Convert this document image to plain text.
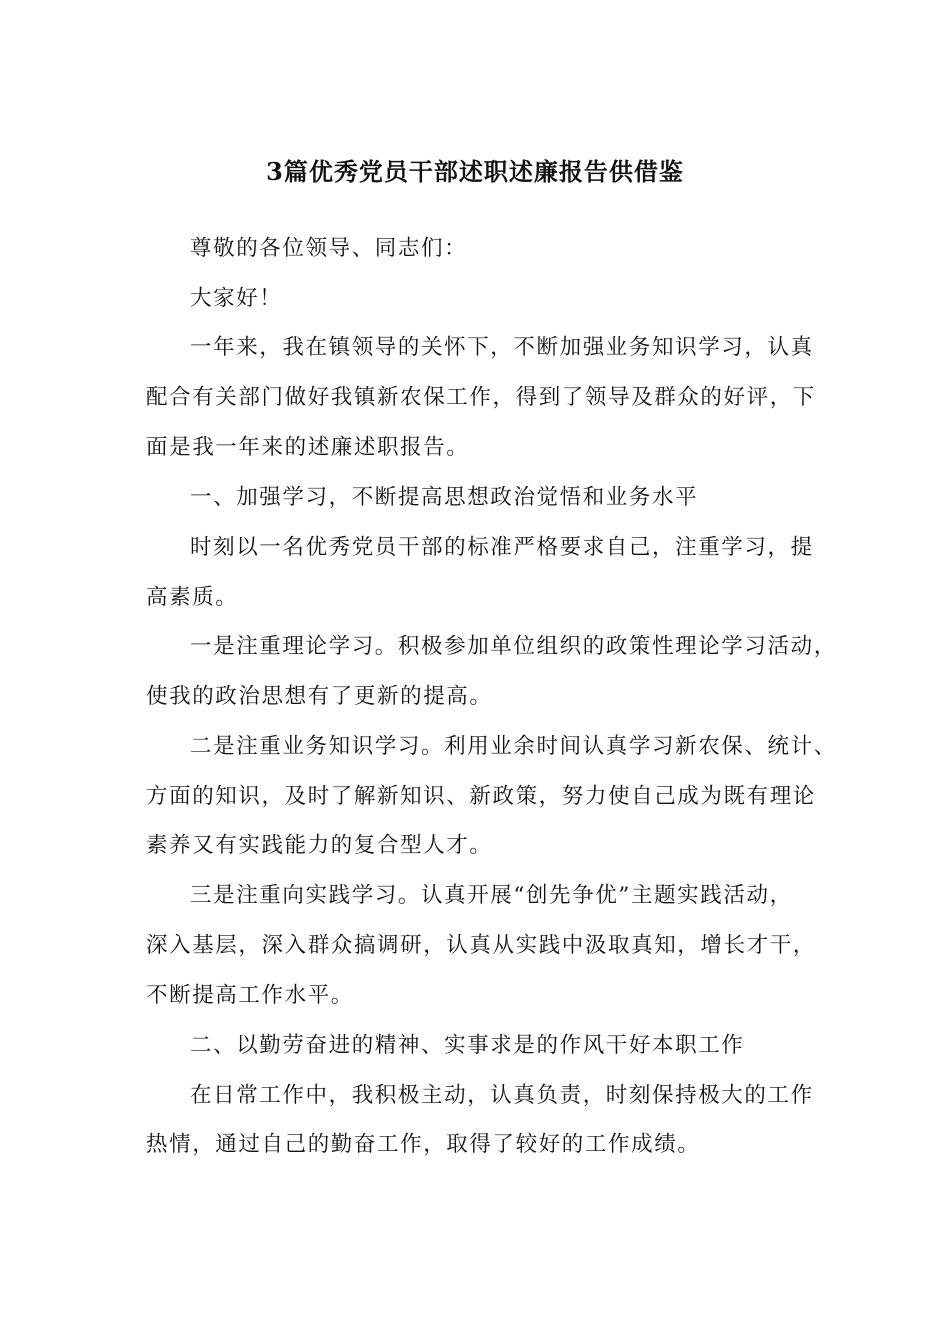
3篇优秀党员干部述职述廉报告供借鉴
尊敬的各位领导、同志们：
大家好！
一年来，我在镇领导的关怀下，不断加强业务知识学习，认真
配合有关部门做好我镇新农保工作，得到了领导及群众的好评，下
面是我一年来的述廉述职报告。
一、加强学习，不断提高思想政治觉悟和业务水平
时刻以一名优秀党员干部的标准严格要求自己，注重学习，提
高素质。
一是注重理论学习。积极参加单位组织的政策性理论学习活动，
使我的政治思想有了更新的提高。
二是注重业务知识学习。利用业余时间认真学习新农保、统计、
方面的知识，及时了解新知识、新政策，努力使自己成为既有理论
素养又有实践能力的复合型人才。
三是注重向实践学习。认真开展“创先争优”主题实践活动，
深入基层，深入群众搞调研，认真从实践中汲取真知，增长才干，
不断提高工作水平。
二、以勤劳奋进的精神、实事求是的作风干好本职工作
在日常工作中，我积极主动，认真负责，时刻保持极大的工作
热情，通过自己的勤奋工作，取得了较好的工作成绩。
